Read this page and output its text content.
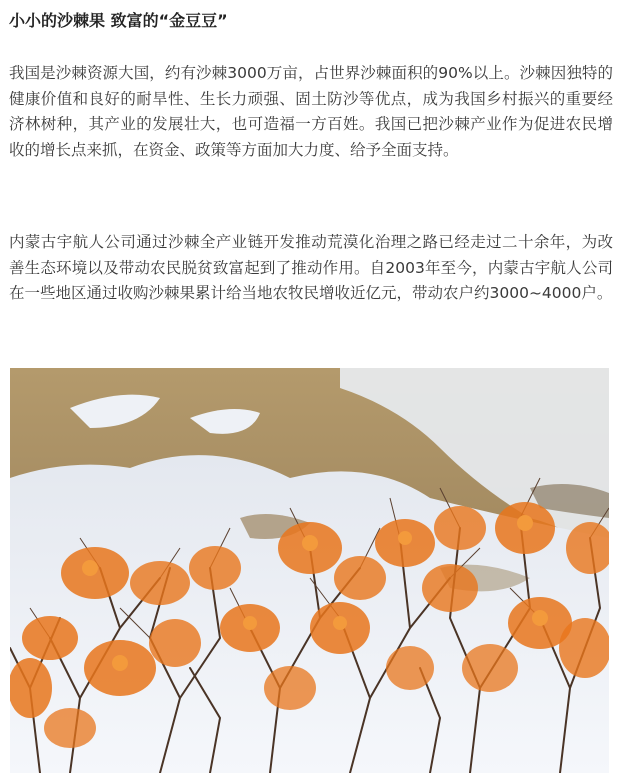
小小的沙棘果 致富的“金豆豆”

我国是沙棘资源大国，约有沙棘3000万亩，占世界沙棘面积的90%以上。沙棘因独特的健康价值和良好的耐旱性、生长力顽强、固土防沙等优点，成为我国乡村振兴的重要经济林树种，其产业的发展壮大，也可造福一方百姓。我国已把沙棘产业作为促进农民增收的增长点来抓，在资金、政策等方面加大力度、给予全面支持。

内蒙古宇航人公司通过沙棘全产业链开发推动荒漠化治理之路已经走过二十余年，为改善生态环境以及带动农民脱贫致富起到了推动作用。自2003年至今，内蒙古宇航人公司在一些地区通过收购沙棘果累计给当地农牧民增收近亿元，带动农户约3000~4000户。
